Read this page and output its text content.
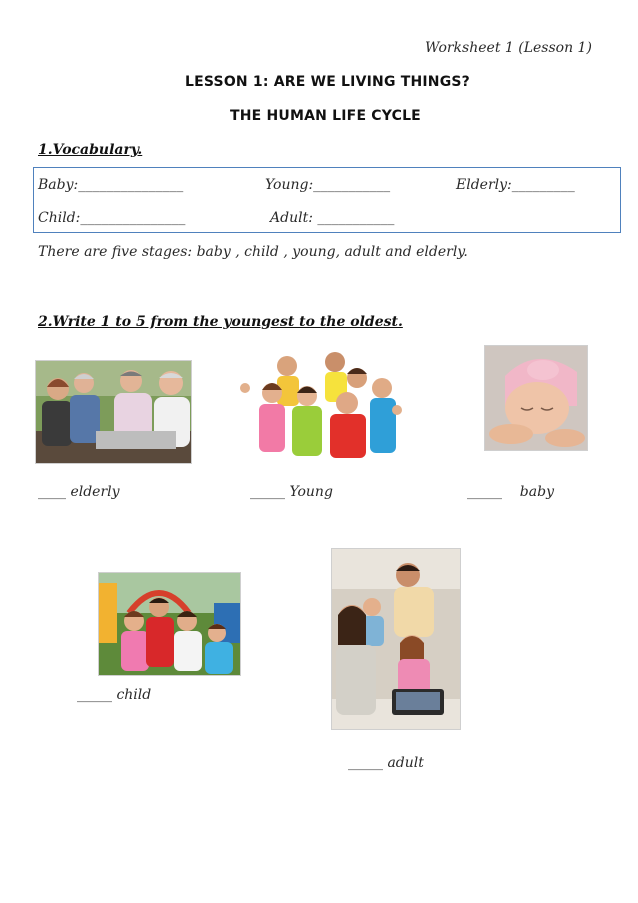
Worksheet 1 (Lesson 1)
LESSON 1: ARE WE LIVING THINGS?
THE HUMAN LIFE CYCLE
1.Vocabulary.
Baby:_______________	Young:___________	Elderly:_________
Child:_______________	Adult: ___________
There are five stages: baby , child , young, adult and elderly.
2.Write 1 to 5 from the youngest to the oldest.
____ elderly	_____ Young	_____    baby
_____ child
_____ adult
